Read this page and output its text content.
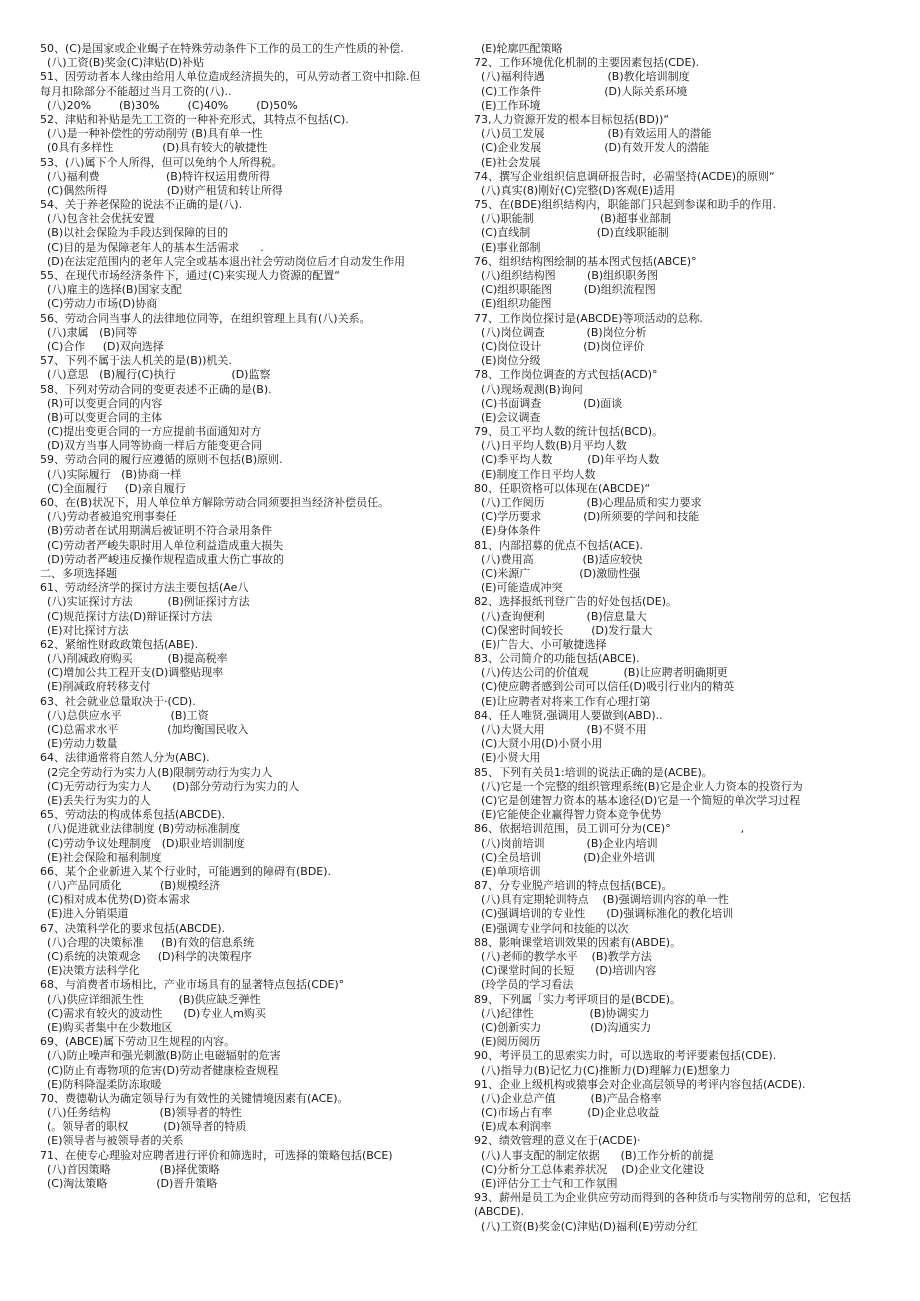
50、(C)是国家或企业蝎子在特殊劳动条件下工作的员工的生产性质的补偿.
(八)工资(B)奖金(C)津贴(D)补贴
51、因劳动者本人缘由给用人单位造成经济损失的，可从劳动者工资中扣除.但
每月扣除部分不能超过当月工资的(八)..
(八)20%        (B)30%        (C)40%        (D)50%
52、津贴和补贴是先工工资的一种补充形式，其特点不包括(C).
(八)是一种补偿性的劳动削劳 (B)具有单一性
(0具有多样性              (D)具有较大的敏捷性
53、(八)属下个人所得，但可以免纳个人所得税。
(八)福利费                   (B)特许权运用费所得
(C)偶然所得                 (D)财产租赁和转让所得
54、关于养老保险的说法不正确的是(八).
(八)包含社会优抚安置
(B)以社会保险为手段达到保障的目的
(C)目的是为保障老年人的基本生活需求      .
(D)在法定范围内的老年人完全或基本退出社会劳动岗位后才自动发生作用
55、在现代市场经济条件下，通过(C)来实现人力资源的配置“
(八)雇主的选择(B)国家支配
(C)劳动力市场(D)协商
56、劳动合同当事人的法律地位同等，在组织管理上具有(八)关系。
(八)隶属   (B)同等
(C)合作     (D)双向选择
57、下列不属于法人机关的是(B))机关.
(八)意思   (B)履行(C)执行                (D)监察
58、下列对劳动合同的变更表述不正确的是(B).
(R)可以变更合同的内容
(B)可以变更合同的主体
(C)提出变更合同的一方应提前书面通知对方
(D)双方当事人同等协商一样后方能变更合同
59、劳动合同的履行应遵循的原则不包括(B)原则.
(八)实际履行   (B)协商一样
(C)全面履行     (D)亲自履行
60、在(B)状况下，用人单位单方解除劳动合同须要担当经济补偿员任。
(八)劳动者被追究刑事奏任
(B)劳动者在试用期满后被证明不符合录用条件
(C)劳动者严峻失职时用人单位利益造成重大损失
(D)劳动者严峻违反操作规程造成重大伤亡事故的
二、多项选择题
61、劳动经济学的探讨方法主要包括(Ae八
(八)实证探讨方法          (B)例证探讨方法
(C)规范探讨方法(D)辩证探讨方法
(E)对比探讨方法
62、紧缩性财政政策包括(ABE).
(八)削减政府购买          (B)提高税率
(C)增加公共工程开支(D)调整贴现率
(E)削减政府转移支付
63、社会就业总量取决于·(CD).
(八)总供应水平              (B)工资
(C)总需求水平              (加均衡国民收入
(E)劳动力数量
64、法律通常将自然人分为(ABC).
(2完全劳动行为实力人(B)限制劳动行为实力人
(C)无劳动行为实力人      (D)部分劳动行为实力的人
(E)丢失行为实力的人
65、劳动法的构成体系包括(ABCDE).
(八)促进就业法律制度 (B)劳动标准制度
(C)劳动争议处理制度   (D)职业培训制度
(E)社会保险和福利制度
66、某个企业新进入某个行业时，可能遇到的障碍有(BDE).
(八)产品同质化           (B)规模经济
(C)相对成本优势(D)资本需求
(E)进入分销渠道
67、决策科学化的要求包括(ABCDE).
(八)合理的决策标准     (B)有效的信息系统
(C)系统的决策观念     (D)科学的决策程序
(E)决策方法科学化
68、与消费者市场相比，产业市场具有的显著特点包括(CDE)°
(八)供应详细派生性          (B)供应缺乏弹性
(C)需求有较火的波动性      (D)专业人m购买
(E)购买者集中在少数地区
69、(ABCE)属下劳动卫生规程的内容。
(八)防止噪声和强光刺激(B)防止电磁辐射的危害
(C)防止有毒物项的危害(D)劳动者健康检查规程
(E)防科降湿柔防冻取暖
70、费德勒认为确定领导行为有效性的关键情境因素有(ACE)。
(八)任务结构              (B)领导者的特性
(。领导者的职权          (D)领导者的特质
(E)领导者与被领导者的关系
71、在使专心理验对应聘者进行评价和筛选时，可选择的策略包括(BCE)
(八)首因策略              (B)择优策略
(C)淘汰策略              (D)晋升策略
(E)轮廓匹配策略
72、工作环境优化机制的主要因素包括(CDE).
(八)福利待遇                  (B)教化培训制度
(C)工作条件                  (D)人际关系环境
(E)工作环境
73,人力资源开发的根本目标包括(BD))“
(八)员工发展                  (B)有效运用人的潜能
(C)企业发展                  (D)有效开发人的潜能
(E)社会发展
74、撰写企业组织信息调研报告时，必需坚持(ACDE)的原则“
(八)真实(8)刚好(C)完整(D)客观(E)适用
75、在(BDE)组织结构内，职能部门只起到参谋和助手的作用.
(八)职能制                   (B)超事业部制
(C)直线制                   (D)直线职能制
(E)事业部制
76、组织结构图绘制的基本图式包括(ABCE)°
(八)组织结构图         (B)组织职务图
(C)组织职能图         (D)组织流程图
(E)组织功能图
77、工作岗位探讨是(ABCDE)等项活动的总称.
(八)岗位调查            (B)岗位分析
(C)岗位设计            (D)岗位评价
(E)岗位分级
78、工作岗位调查的方式包括(ACD)°
(八)现场观测(B)询问
(C)书面调查            (D)面谈
(E)会议调查
79、员工平均人数的统计包括(BCD)。
(八)日平均人数(B)月平均人数
(C)季平均人数          (D)年平均人数
(E)制度工作日平均人数
80、任职资格可以体现在(ABCDE)“
(八)工作阅历            (B)心理品质和实力要求
(C)学历要求            (D)所须要的学问和技能
(E)身体条件
81、内部招募的优点不包括(ACE).
(八)费用高              (B)适应较快
(C)米源广              (D)激励性强
(E)可能造成冲突
82、选择报纸刊登广告的好处包括(DE)。
(八)查询便利            (B)信息量大
(C)保密时间较长        (D)发行量大
(E)广告大、小可敏捷选择
83、公司简介的功能包括(ABCE).
(八)传达公司的价值观          (B)让应聘者明确期更
(C)使应聘者感到公司可以信任(D)吸引行业内的精英
(E)让应聘者对将来工作有心理打第
84、任人唯贤,强调用人要做到(ABD)..
(八)大贤大用            (B)不贤不用
(C)大贤小用(D)小贤小用
(E)小贤大用
85、下列有关员1:培训的说法正确的是(ACBE)。
(八)它是一个完整的组织管理系统(B)它是企业人力资本的投资行为
(C)它是创建智力资本的基本途径(D)它是一个简短的单次学习过程
(E)它能使企业赢得智力资本竞争优势
86、依据培训范围，员工训可分为(CE)°                    ,
(八)岗前培训            (B)企业内培训
(C)全员培训            (D)企业外培训
(E)单项培训
87、分专业脱产培训的特点包括(BCE)。
(八)具有定期轮训特点    (B)强调培训内容的单一性
(C)强调培训的专业性      (D)强调标准化的教化培训
(E)强调专业学问和技能的以次
88、影响课堂培训效果的因素有(ABDE)。
(八)老师的教学水平    (B)教学方法
(C)课堂时间的长短      (D)培训内容
(玲学员的学习看法
89、下列属「实力考评项目的是(BCDE)。
(八)纪律性                (B)协调实力
(C)创新实力              (D)沟通实力
(E)阅历阅历
90、考评员工的思索实力时，可以选取的考评要素包括(CDE).
(八)指导力(B)记忆力(C)推断力(D)理解力(E)想象力
91、企业上级机构或猿事会对企业高层领导的考评内容包括(ACDE).
(八)企业总产值          (B)产品合格率
(C)市场占有率          (D)企业总收益
(E)成本利润率
92、绩效管理的意义在于(ACDE)·
(八)人事支配的制定依据      (B)工作分析的前提
(C)分析分工总体素养状况    (D)企业文化建设
(E)评估分工士气和工作氛围
93、薪州是员工为企业供应劳动而得到的各种货币与实物削劳的总和，它包括
(ABCDE).
(八)工资(B)奖金(C)津贴(D)福利(E)劳动分红
